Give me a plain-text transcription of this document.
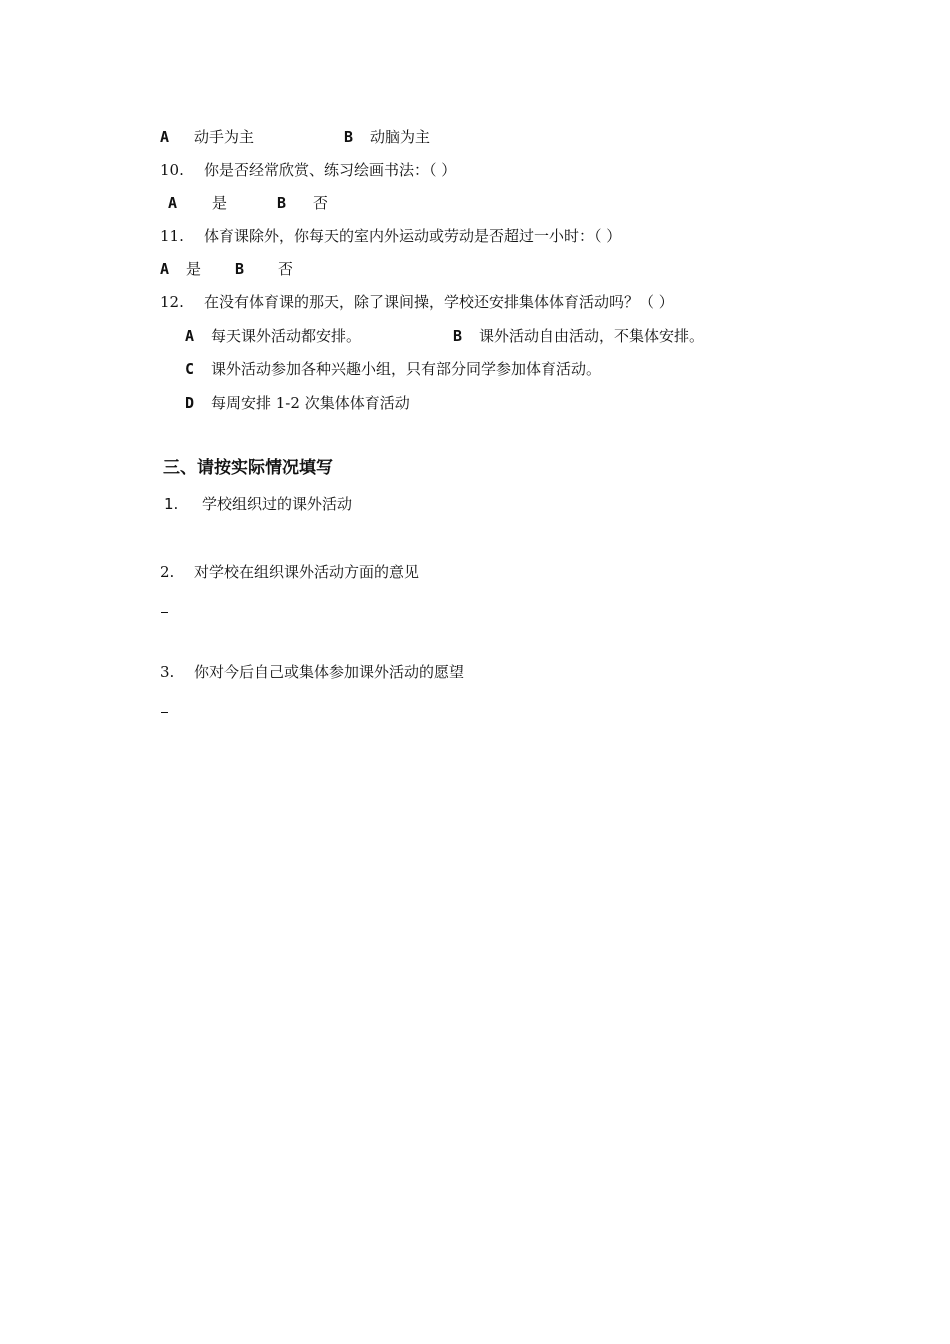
A 动手为主	B 动脑为主
10. 你是否经常欣赏、练习绘画书法：（ ）
A 是	B 否
11. 体育课除外，你每天的室内外运动或劳动是否超过一小时：（ ）
A 是 B 否
12. 在没有体育课的那天，除了课间操，学校还安排集体体育活动吗？（ ）
A 每天课外活动都安排。	B 课外活动自由活动，不集体安排。
C 课外活动参加各种兴趣小组，只有部分同学参加体育活动。
D 每周安排 1-2 次集体体育活动
三、请按实际情况填写
1. 学校组织过的课外活动
2. 对学校在组织课外活动方面的意见
3. 你对今后自己或集体参加课外活动的愿望
